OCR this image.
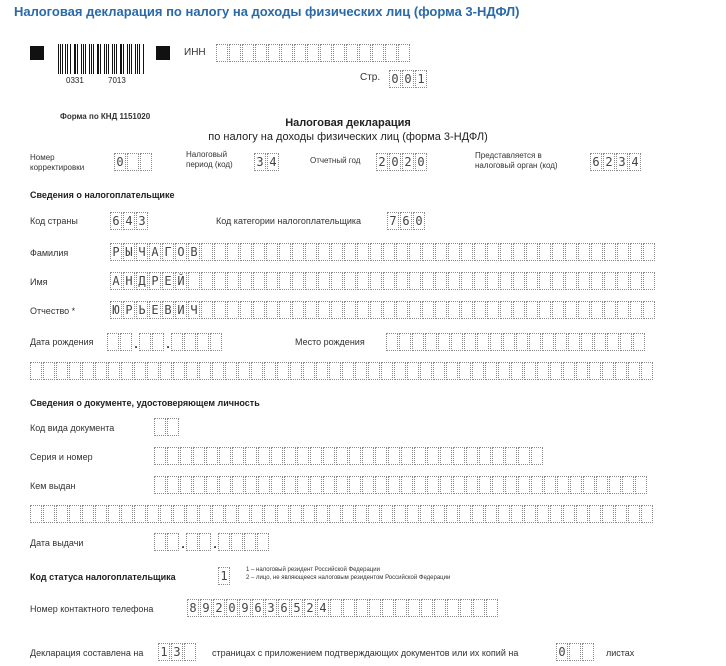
Налоговая декларация по налогу на доходы физических лиц (форма 3-НДФЛ)
0331	7013
ИНН
Стр. 0 0 1
Форма по КНД 1151020
Налоговая декларация
по налогу на доходы физических лиц (форма 3-НДФЛ)
Номер
корректировки	0
Налоговый
период (код) 3 4	Отчетный год 2 0 2 0	Представляется в
налоговый орган (код)	6 2 3 4
Сведения о налогоплательщике
Код страны	6 4 3	Код категории налогоплательщика 7 6 0
Фамилия	Р Ы Ч А Г О В
Имя	А Н Д Р Е Й
Отчество *	Ю Р Ь Е В И Ч
Дата рождения	. .	Место рождения
Сведения о документе, удостоверяющем личность
Код вида документа
Серия и номер
Кем выдан
Дата выдачи	. .
Код статуса налогоплательщика	1	1 – налоговый резидент Российской Федерации
2 – лицо, не являющееся налоговым резидентом Российской Федерации
Номер контактного телефона	8 9 2 0 9 6 3 6 5 2 4
Декларация составлена на 1 3	страницах с приложением подтверждающих документов или их копий на	0	листах
